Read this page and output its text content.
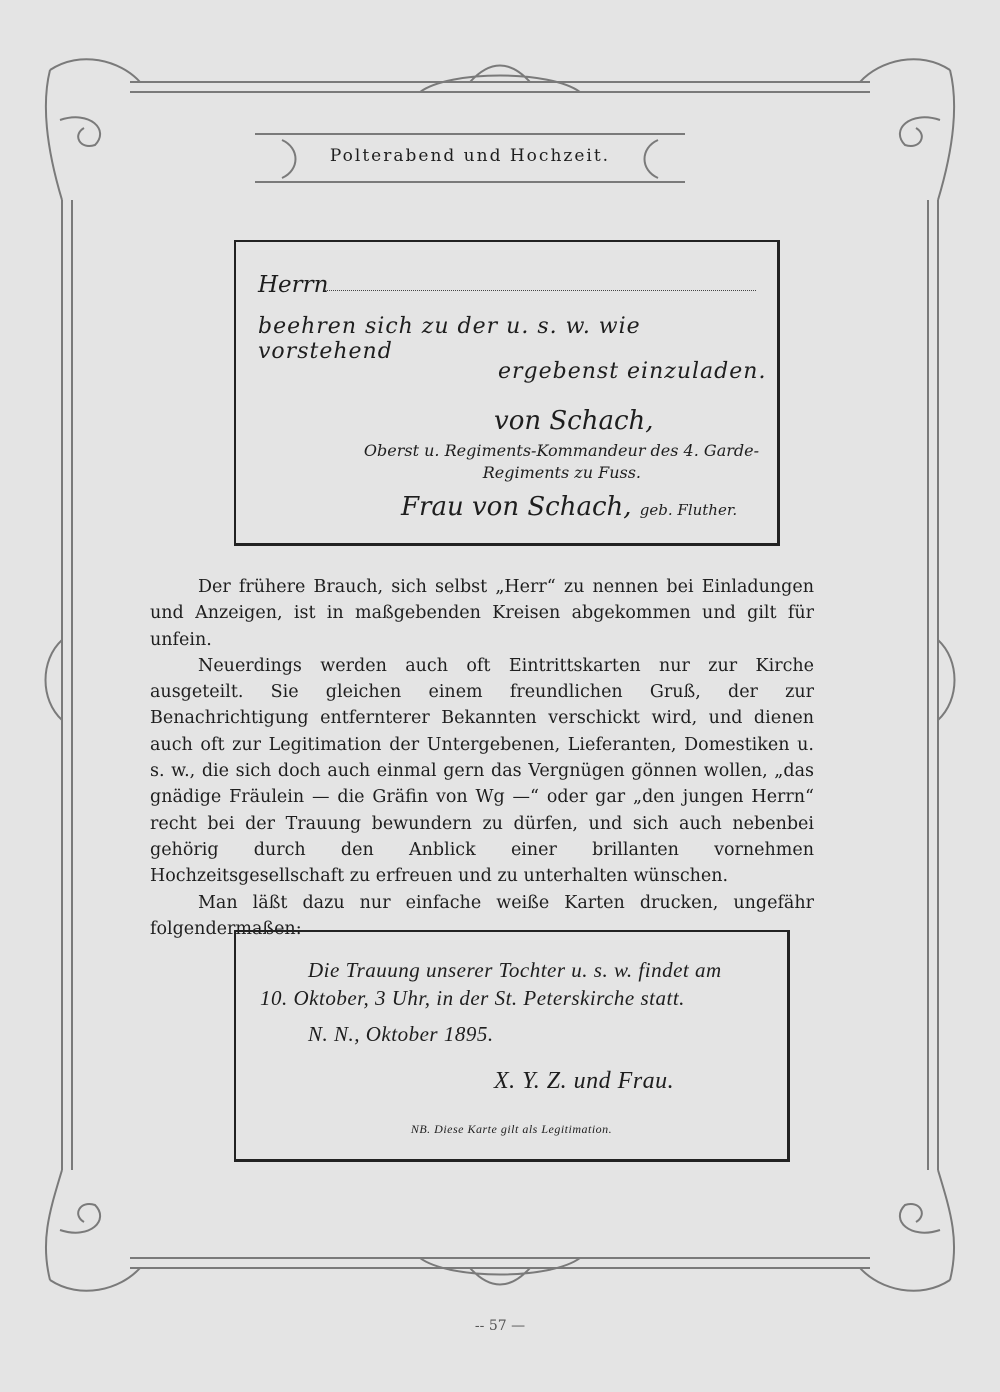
Polterabend und Hochzeit.
Herrn
beehren sich zu der u. s. w. wie vorstehend
ergebenst einzuladen.
von Schach,
Oberst u. Regiments-Kommandeur des 4. Garde-
Regiments zu Fuss.
Frau von Schach, geb. Fluther.

Der frühere Brauch, sich selbst „Herr“ zu nennen bei Einladungen und Anzeigen, ist in maßgebenden Kreisen abgekommen und gilt für unfein.

Neuerdings werden auch oft Eintrittskarten nur zur Kirche ausgeteilt. Sie gleichen einem freundlichen Gruß, der zur Benachrichtigung entfernterer Bekannten verschickt wird, und dienen auch oft zur Legitimation der Untergebenen, Lieferanten, Domestiken u. s. w., die sich doch auch einmal gern das Vergnügen gönnen wollen, „das gnädige Fräulein — die Gräfin von Wg —“ oder gar „den jungen Herrn“ recht bei der Trauung bewundern zu dürfen, und sich auch nebenbei gehörig durch den Anblick einer brillanten vornehmen Hochzeitsgesellschaft zu erfreuen und zu unterhalten wünschen.

Man läßt dazu nur einfache weiße Karten drucken, ungefähr folgendermaßen:

Die Trauung unserer Tochter u. s. w. findet am
10. Oktober, 3 Uhr, in der St. Peterskirche statt.
N. N., Oktober 1895.
X. Y. Z. und Frau.
NB. Diese Karte gilt als Legitimation.
-- 57 —
